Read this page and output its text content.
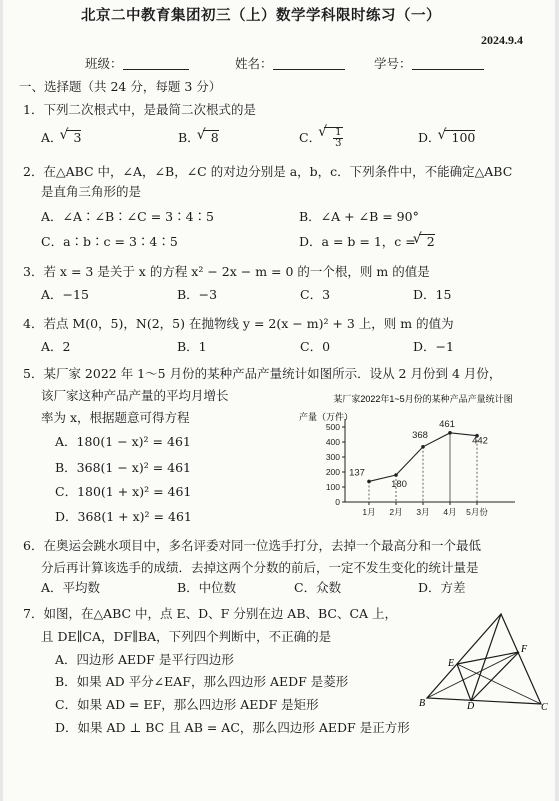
北京二中教育集团初三（上）数学学科限时练习（一）
2024.9.4
班级：	姓名：	学号：
一、选择题（共 24 分，每题 3 分）
1．下列二次根式中，是最简二次根式的是
A． √ 3	B． √ 8	C． √ $\frac{1}{3}$	D． √ 100
2．在△ABC 中，∠A，∠B，∠C 的对边分别是 a，b，c．下列条件中，不能确定△ABC
是直角三角形的是
A．∠A∶∠B∶∠C = 3∶4∶5	B．∠A + ∠B = 90°
C．a∶b∶c = 3∶4∶5	D．a = b = 1，c = √ 2
3．若 x = 3 是关于 x 的方程 x² − 2x − m = 0 的一个根，则 m 的值是
A．−15	B．−3	C．3	D．15
4．若点 M(0，5)，N(2，5) 在抛物线 y = 2(x − m)² + 3 上，则 m 的值为
A．2	B．1	C．0	D．−1
5．某厂家 2022 年 1～5 月份的某种产品产量统计如图所示．设从 2 月份到 4 月份，
该厂家这种产品产量的平均月增长
率为 x，根据题意可得方程
A．180(1 − x)² = 461
B．368(1 − x)² = 461
C．180(1 + x)² = 461
D．368(1 + x)² = 461
某厂家2022年1~5月份的某种产品产量统计图
产量（万件）
0
100
200
300
400
500
1月 2月 3月 4月 5月份
137
180
368
461
442
6．在奥运会跳水项目中，多名评委对同一位选手打分，去掉一个最高分和一个最低
分后再计算该选手的成绩．去掉这两个分数的前后，一定不发生变化的统计量是
A．平均数	B．中位数	C．众数	D．方差
7．如图，在△ABC 中，点 E、D、F 分别在边 AB、BC、CA 上，
且 DE∥CA，DF∥BA，下列四个判断中，不正确的是
A．四边形 AEDF 是平行四边形
B．如果 AD 平分∠EAF，那么四边形 AEDF 是菱形
C．如果 AD = EF，那么四边形 AEDF 是矩形
D．如果 AD ⊥ BC 且 AB = AC，那么四边形 AEDF 是正方形
E
F
B	D	C
